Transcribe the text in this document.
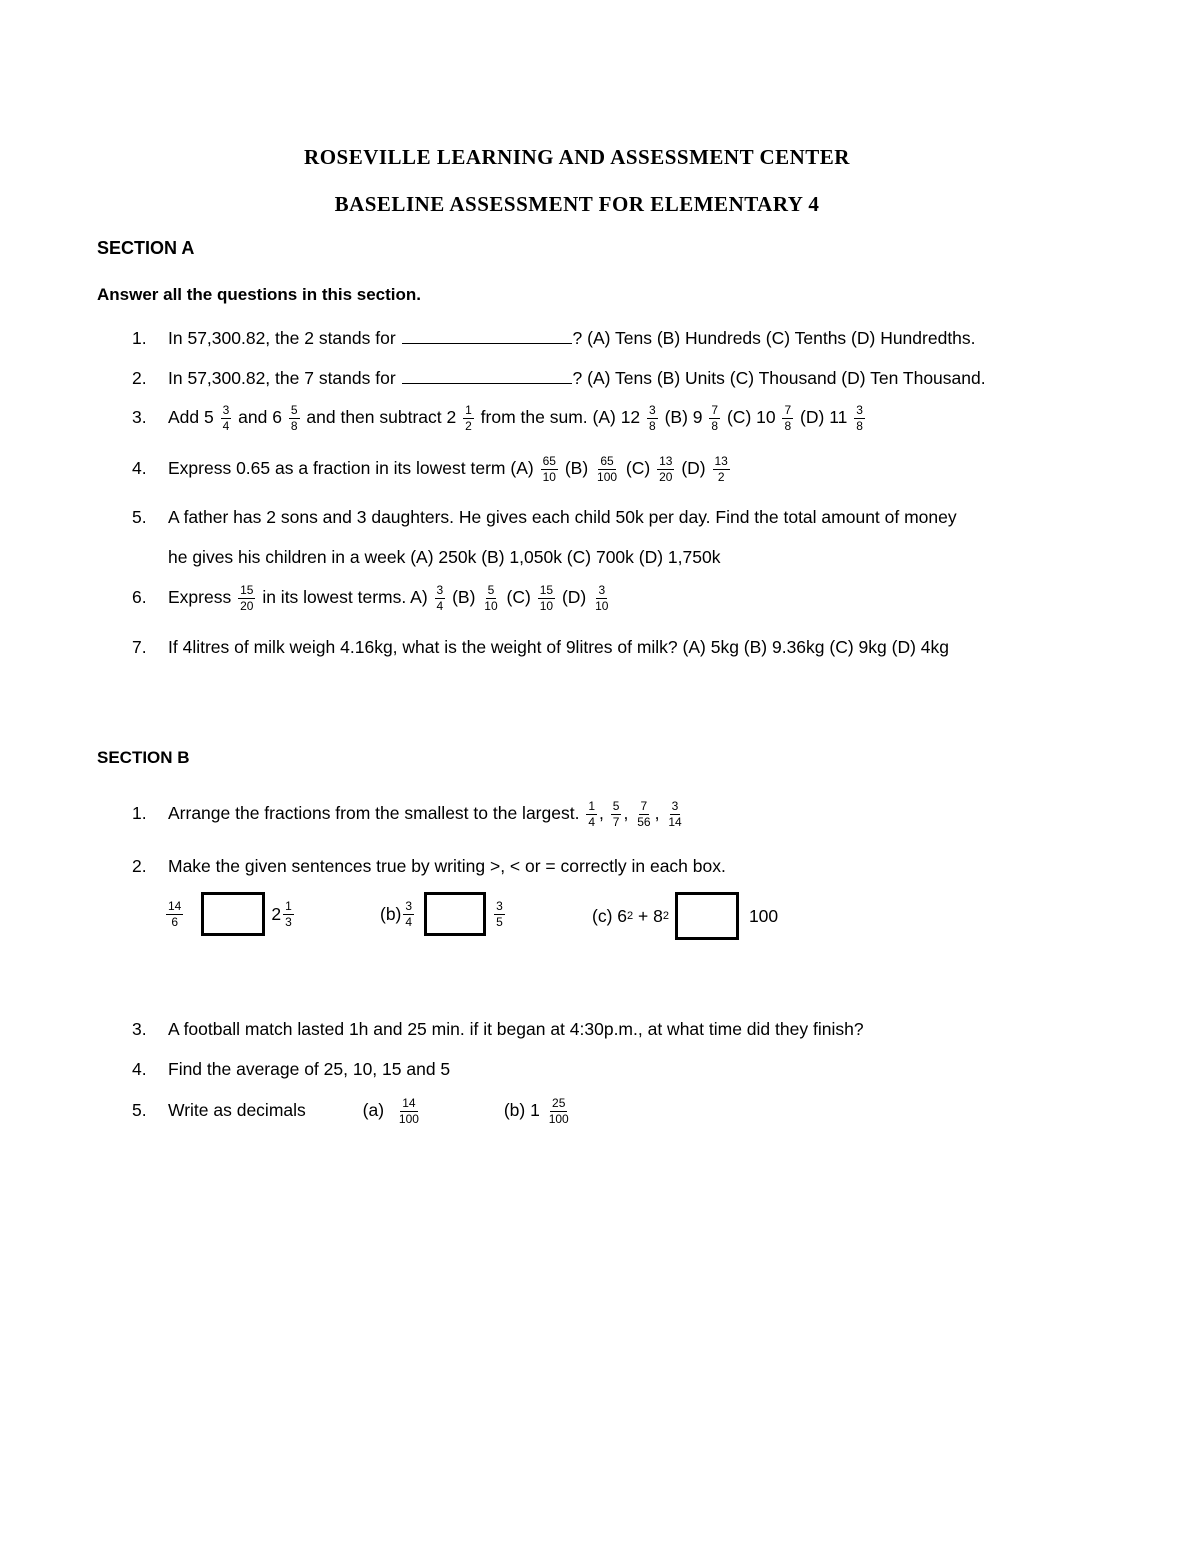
ROSEVILLE LEARNING AND ASSESSMENT CENTER
BASELINE ASSESSMENT FOR ELEMENTARY 4
SECTION A
Answer all the questions in this section.
1. In 57,300.82, the 2 stands for	? (A) Tens (B) Hundreds (C) Tenths (D) Hundredths.
2. In 57,300.82, the 7 stands for	? (A) Tens (B) Units (C) Thousand (D) Ten Thousand.
3. Add $5 \frac{3}{4}$ and $6 \frac{5}{8}$ and then subtract $2 \frac{1}{2}$ from the sum. (A) $12 \frac{3}{8} (B)$ $9 \frac{7}{8} (C)$ $10 \frac{7}{8} (D)$ $11 \frac{3}{8}$
4. Express 0.65 as a fraction in its lowest term $(A) \frac{65}{10} (B) \frac{65}{100} (C) \frac{13}{20} (D) \frac{13}{2}$
5. A father has 2 sons and 3 daughters. He gives each child 50k per day. Find the total amount of money
he gives his children in a week (A) 250k (B) 1,050k (C) 700k (D) 1,750k
6. Express $\frac{15}{20}$ in its lowest terms. $A) \frac{3}{4} (B) \frac{5}{10} (C) \frac{15}{10} (D) \frac{3}{10}$
7. If 4litres of milk weigh 4.16kg, what is the weight of 9litres of milk? (A) 5kg (B) 9.36kg (C) 9kg (D) 4kg
SECTION B
1. Arrange the fractions from the smallest to the largest. $\frac{1}{4}$ , $\frac{5}{7}$ , $\frac{7}{56}$ , $\frac{3}{14}$
2. Make the given sentences true by writing >, < or = correctly in each box.
$\frac{14}{6}$	$2 \frac{1}{3}$	$(b) \frac{3}{4}$	$\frac{3}{5}$	(c) 6 2 + 8 2	100
3. A football match lasted 1h and 25 min. if it began at 4:30p.m., at what time did they finish?
4. Find the average of 25, 10, 15 and 5
5. Write as decimals	$(a) \frac{14}{100}$	(b) $1 \frac{25}{100}$
